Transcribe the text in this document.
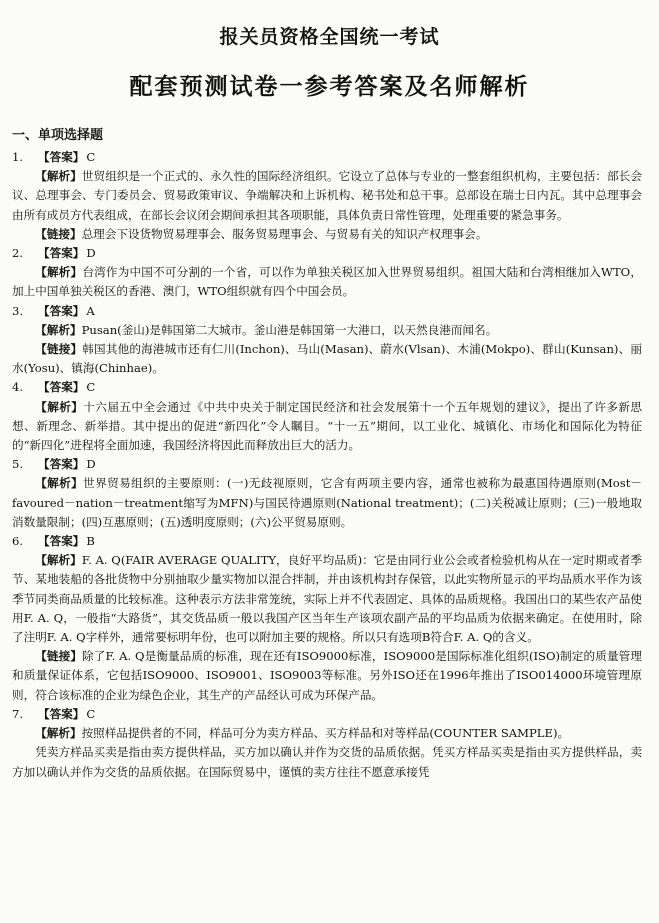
报关员资格全国统一考试
配套预测试卷一参考答案及名师解析
一、单项选择题

1. 【答案】 C

【解析】世贸组织是一个正式的、永久性的国际经济组织。它设立了总体与专业的一整套组织机构，主要包括：部长会议、总理事会、专门委员会、贸易政策审议、争端解决和上诉机构、秘书处和总干事。总部设在瑞士日内瓦。其中总理事会由所有成员方代表组成，在部长会议闭会期间承担其各项职能，具体负责日常性管理，处理重要的紧急事务。

【链接】总理会下设货物贸易理事会、服务贸易理事会、与贸易有关的知识产权理事会。

2. 【答案】 D

【解析】台湾作为中国不可分割的一个省，可以作为单独关税区加入世界贸易组织。祖国大陆和台湾相继加入WTO，加上中国单独关税区的香港、澳门，WTO组织就有四个中国会员。

3. 【答案】 A

【解析】Pusan(釜山)是韩国第二大城市。釜山港是韩国第一大港口，以天然良港而闻名。

【链接】韩国其他的海港城市还有仁川(Inchon)、马山(Masan)、蔚水(Vlsan)、木浦(Mokpo)、群山(Kunsan)、丽水(Yosu)、镇海(Chinhae)。

4. 【答案】 C

【解析】十六届五中全会通过《中共中央关于制定国民经济和社会发展第十一个五年规划的建议》，提出了许多新思想、新理念、新举措。其中提出的促进“新四化”令人瞩目。“十一五”期间，以工业化、城镇化、市场化和国际化为特征的“新四化”进程将全面加速，我国经济将因此而释放出巨大的活力。

5. 【答案】 D

【解析】世界贸易组织的主要原则：(一)无歧视原则，它含有两项主要内容，通常也被称为最惠国待遇原则(Most－favoured－nation－treatment缩写为MFN)与国民待遇原则(National treatment)；(二)关税减让原则；(三)一般地取消数量限制；(四)互惠原则；(五)透明度原则；(六)公平贸易原则。

6. 【答案】 B

【解析】F. A. Q(FAIR AVERAGE QUALITY，良好平均品质)：它是由同行业公会或者检验机构从在一定时期或者季节、某地装船的各批货物中分别抽取少量实物加以混合拌制，并由该机构封存保管，以此实物所显示的平均品质水平作为该季节同类商品质量的比较标准。这种表示方法非常笼统，实际上并不代表固定、具体的品质规格。我国出口的某些农产品使用F. A. Q，一般指“大路货”，其交货品质一般以我国产区当年生产该项农副产品的平均品质为依据来确定。在使用时，除了注明F. A. Q字样外，通常要标明年份，也可以附加主要的规格。所以只有选项B符合F. A. Q的含义。

【链接】除了F. A. Q是衡量品质的标准，现在还有ISO9000标准，ISO9000是国际标准化组织(ISO)制定的质量管理和质量保证体系，它包括ISO9000、ISO9001、ISO9003等标准。另外ISO还在1996年推出了ISO014000环境管理原则，符合该标准的企业为绿色企业，其生产的产品经认可成为环保产品。

7. 【答案】 C

【解析】按照样品提供者的不同，样品可分为卖方样品、买方样品和对等样品(COUNTER SAMPLE)。

凭卖方样品买卖是指由卖方提供样品，买方加以确认并作为交货的品质依据。凭买方样品买卖是指由买方提供样品，卖方加以确认并作为交货的品质依据。在国际贸易中，谨慎的卖方往往不愿意承接凭
